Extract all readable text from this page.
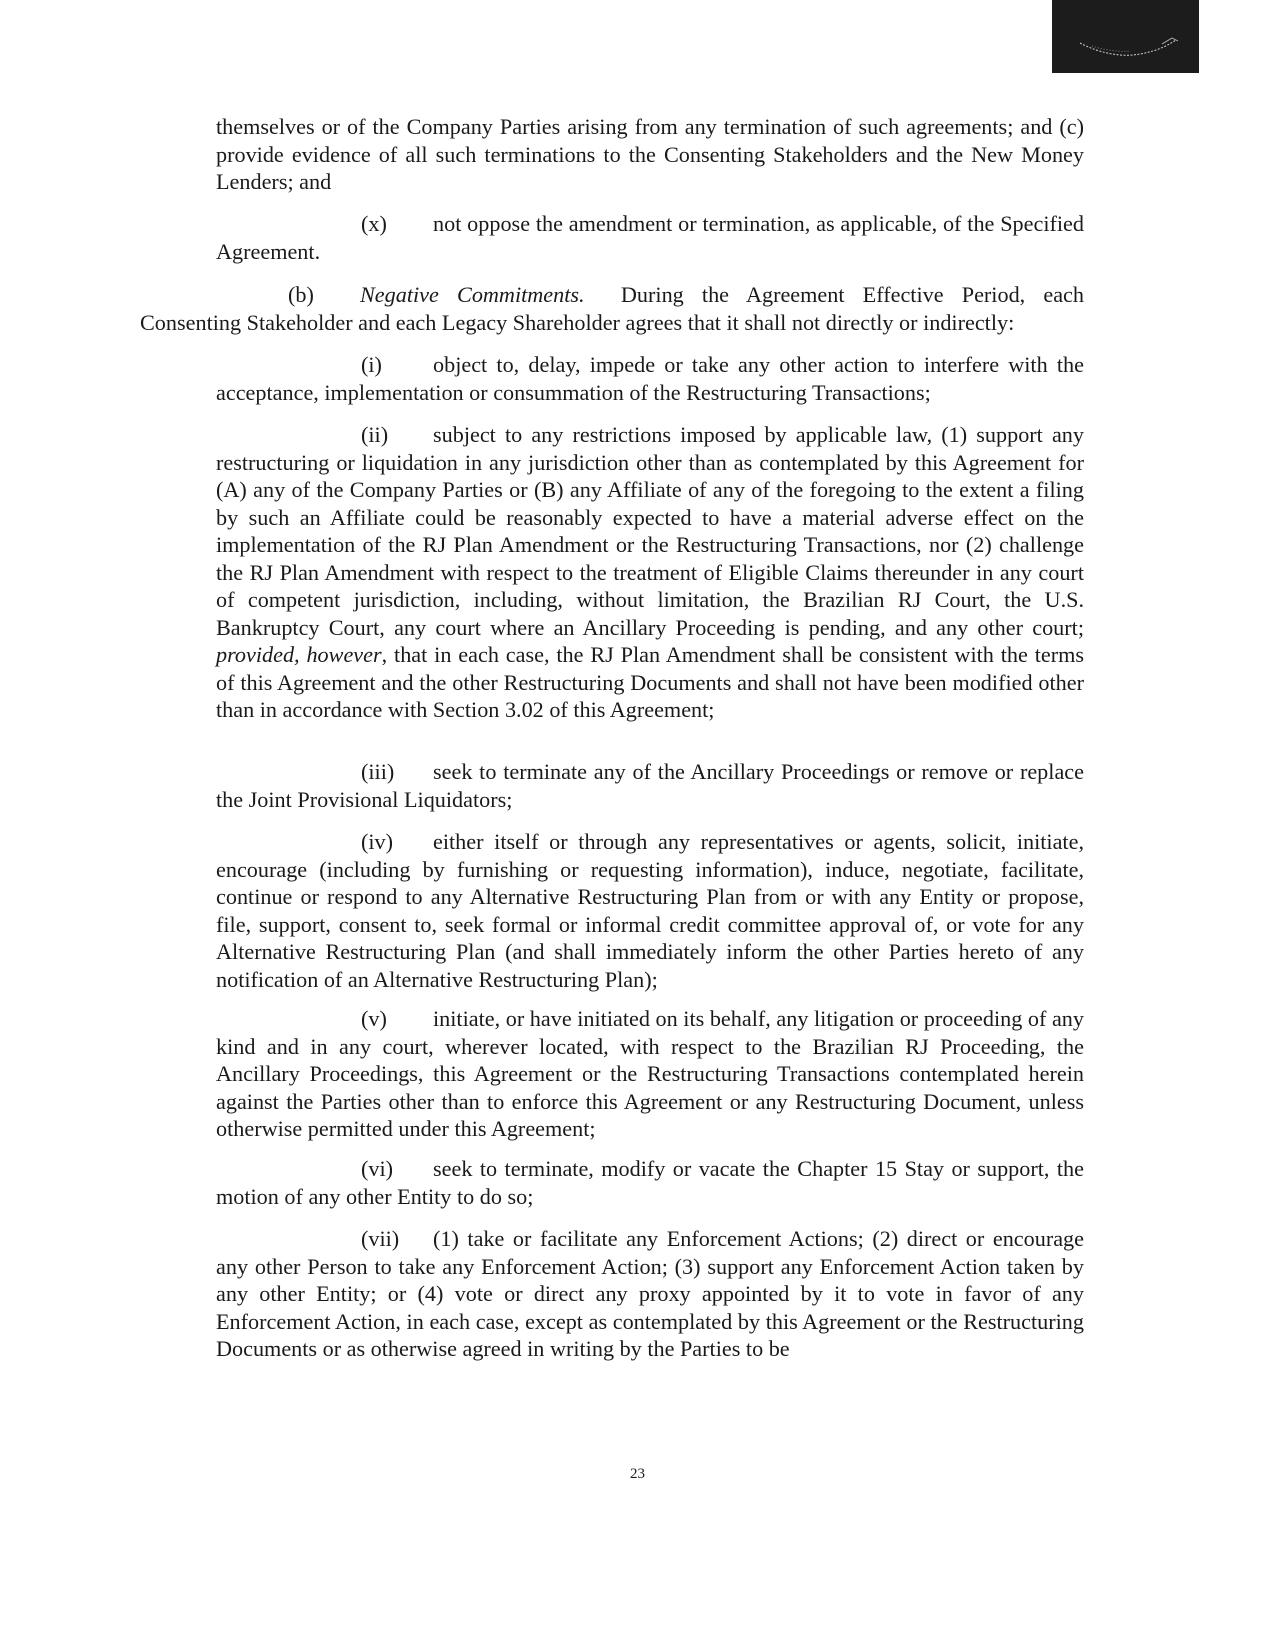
themselves or of the Company Parties arising from any termination of such agreements; and (c) provide evidence of all such terminations to the Consenting Stakeholders and the New Money Lenders; and

(x) not oppose the amendment or termination, as applicable, of the Specified Agreement.

(b) Negative Commitments. During the Agreement Effective Period, each Consenting Stakeholder and each Legacy Shareholder agrees that it shall not directly or indirectly:

(i) object to, delay, impede or take any other action to interfere with the acceptance, implementation or consummation of the Restructuring Transactions;

(ii) subject to any restrictions imposed by applicable law, (1) support any restructuring or liquidation in any jurisdiction other than as contemplated by this Agreement for (A) any of the Company Parties or (B) any Affiliate of any of the foregoing to the extent a filing by such an Affiliate could be reasonably expected to have a material adverse effect on the implementation of the RJ Plan Amendment or the Restructuring Transactions, nor (2) challenge the RJ Plan Amendment with respect to the treatment of Eligible Claims thereunder in any court of competent jurisdiction, including, without limitation, the Brazilian RJ Court, the U.S. Bankruptcy Court, any court where an Ancillary Proceeding is pending, and any other court; provided, however, that in each case, the RJ Plan Amendment shall be consistent with the terms of this Agreement and the other Restructuring Documents and shall not have been modified other than in accordance with Section 3.02 of this Agreement;

(iii) seek to terminate any of the Ancillary Proceedings or remove or replace the Joint Provisional Liquidators;

(iv) either itself or through any representatives or agents, solicit, initiate, encourage (including by furnishing or requesting information), induce, negotiate, facilitate, continue or respond to any Alternative Restructuring Plan from or with any Entity or propose, file, support, consent to, seek formal or informal credit committee approval of, or vote for any Alternative Restructuring Plan (and shall immediately inform the other Parties hereto of any notification of an Alternative Restructuring Plan);

(v) initiate, or have initiated on its behalf, any litigation or proceeding of any kind and in any court, wherever located, with respect to the Brazilian RJ Proceeding, the Ancillary Proceedings, this Agreement or the Restructuring Transactions contemplated herein against the Parties other than to enforce this Agreement or any Restructuring Document, unless otherwise permitted under this Agreement;

(vi) seek to terminate, modify or vacate the Chapter 15 Stay or support, the motion of any other Entity to do so;

(vii) (1) take or facilitate any Enforcement Actions; (2) direct or encourage any other Person to take any Enforcement Action; (3) support any Enforcement Action taken by any other Entity; or (4) vote or direct any proxy appointed by it to vote in favor of any Enforcement Action, in each case, except as contemplated by this Agreement or the Restructuring Documents or as otherwise agreed in writing by the Parties to be

23
